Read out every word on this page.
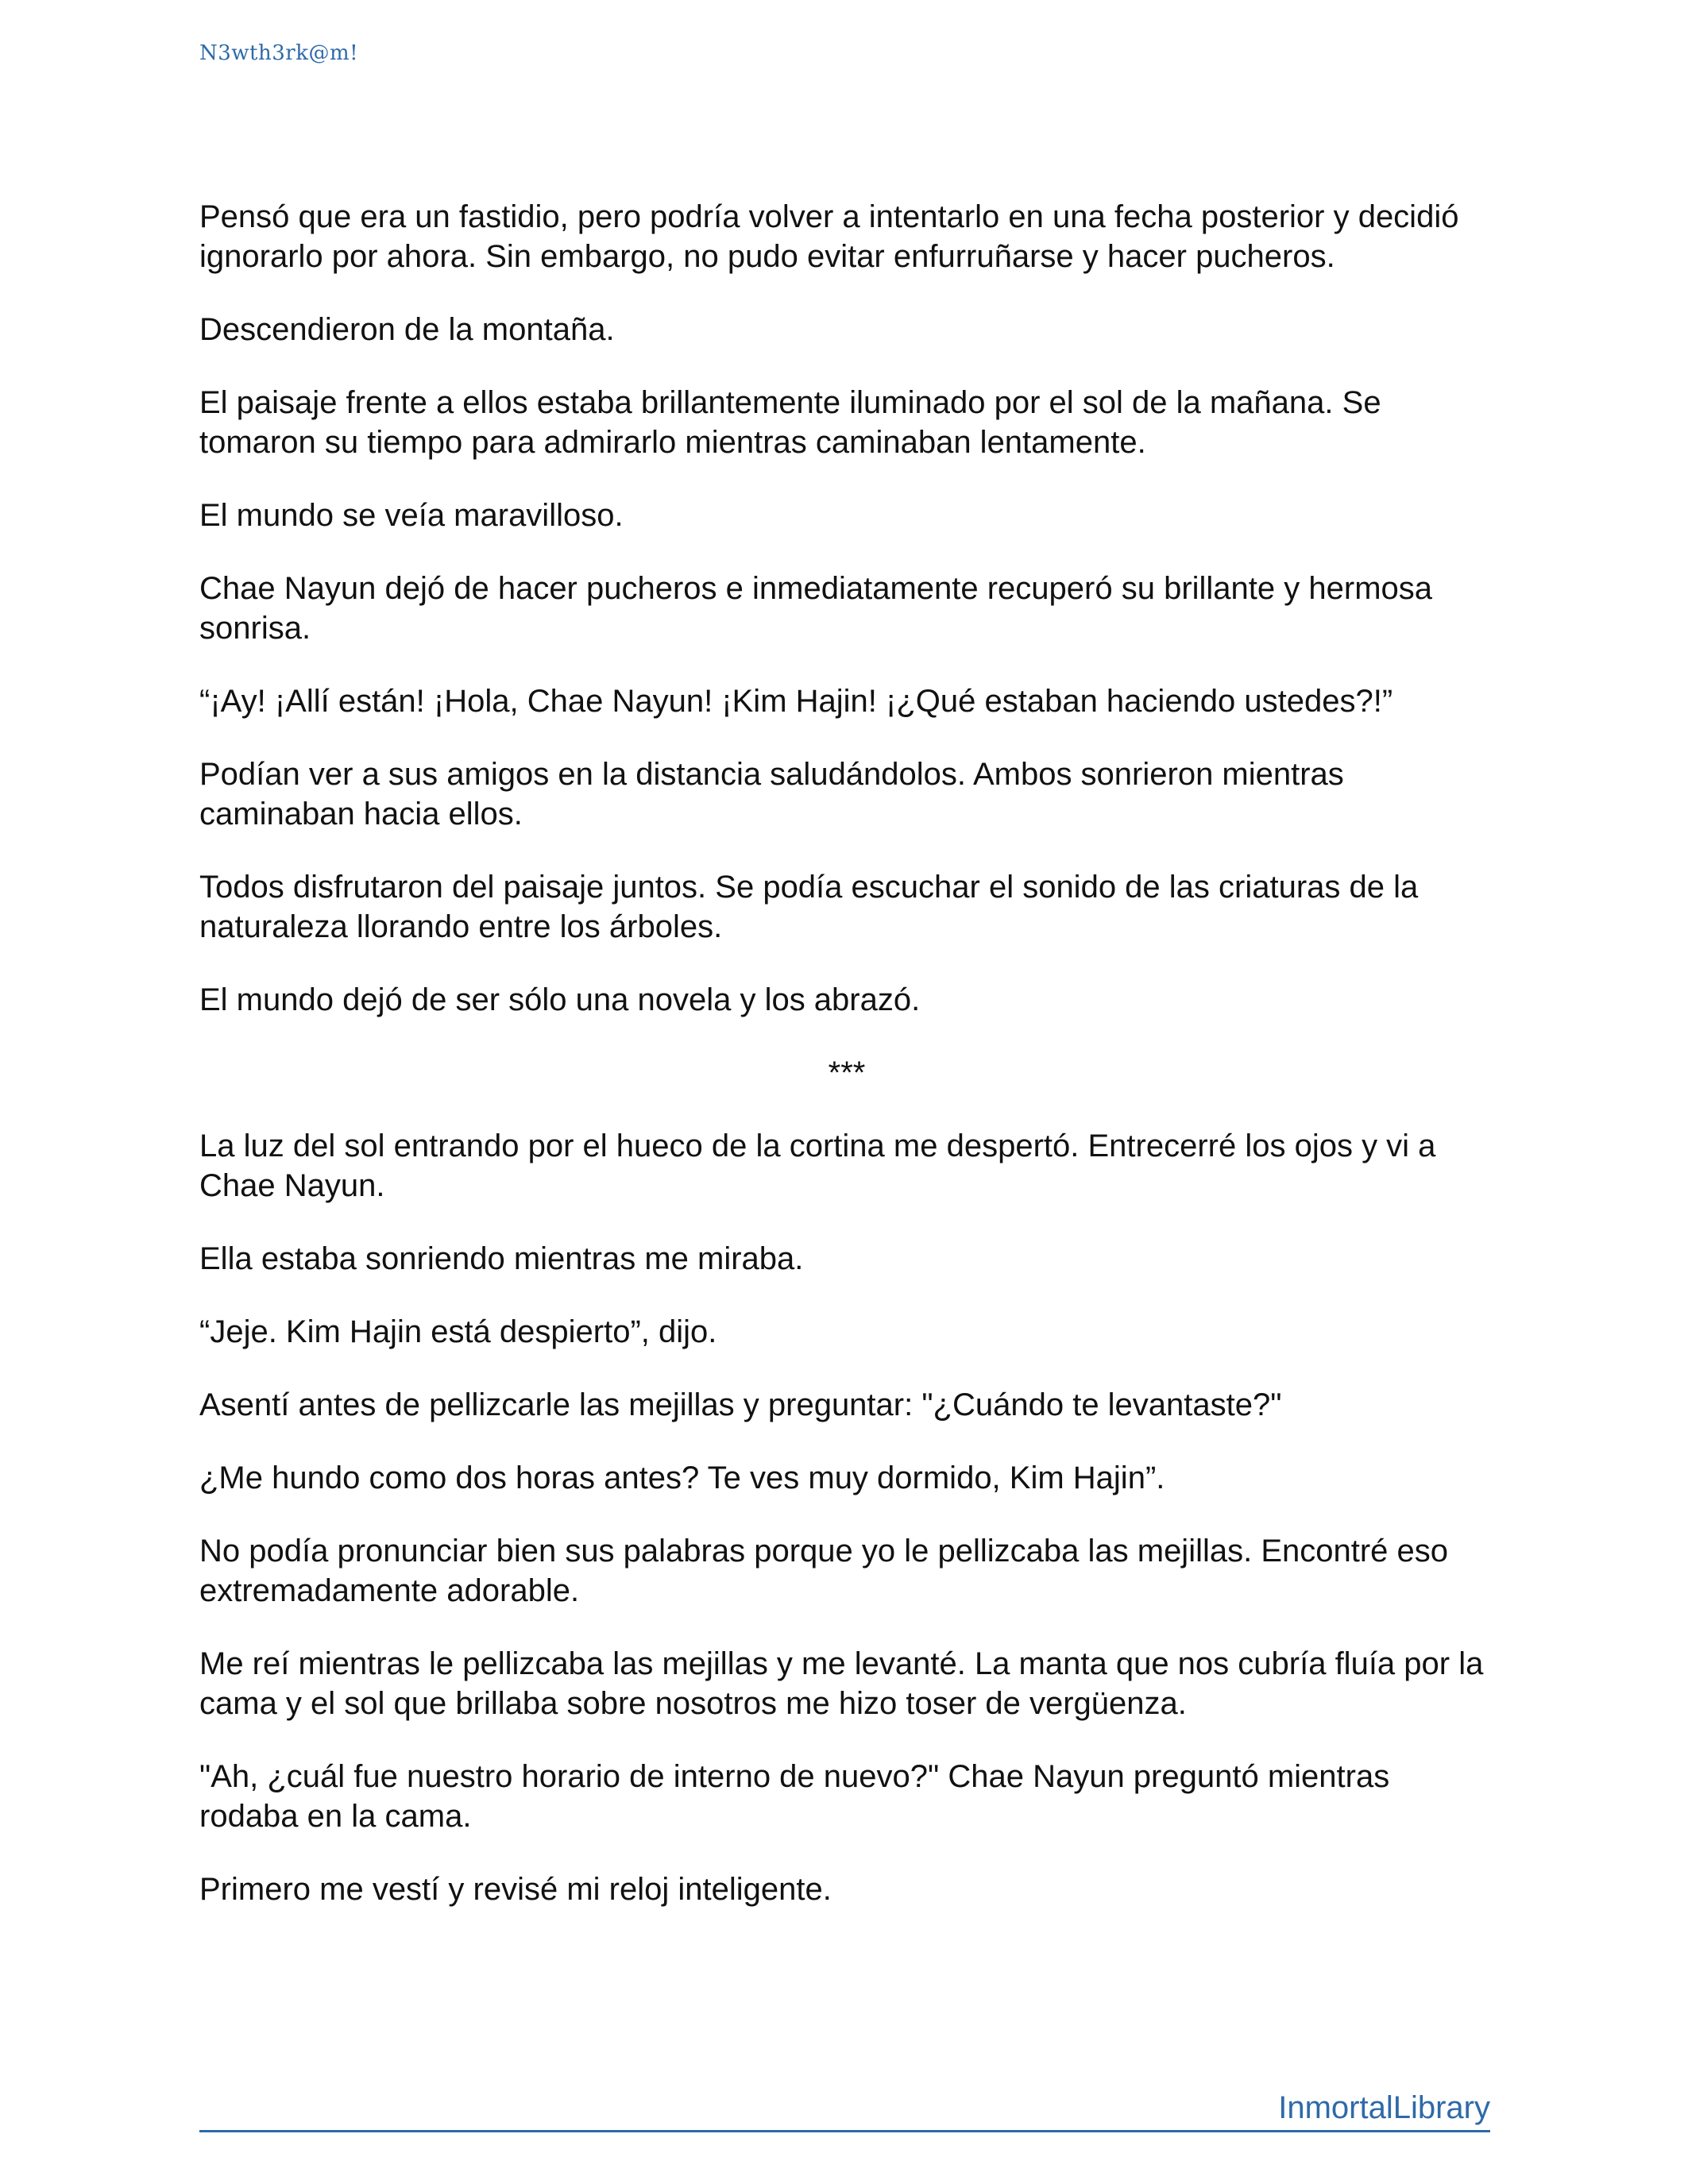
N3wth3rk@m!

Pensó que era un fastidio, pero podría volver a intentarlo en una fecha posterior y decidió ignorarlo por ahora. Sin embargo, no pudo evitar enfurruñarse y hacer pucheros.

Descendieron de la montaña.

El paisaje frente a ellos estaba brillantemente iluminado por el sol de la mañana. Se tomaron su tiempo para admirarlo mientras caminaban lentamente.

El mundo se veía maravilloso.

Chae Nayun dejó de hacer pucheros e inmediatamente recuperó su brillante y hermosa sonrisa.

“¡Ay! ¡Allí están! ¡Hola, Chae Nayun! ¡Kim Hajin! ¡¿Qué estaban haciendo ustedes?!”

Podían ver a sus amigos en la distancia saludándolos. Ambos sonrieron mientras caminaban hacia ellos.

Todos disfrutaron del paisaje juntos. Se podía escuchar el sonido de las criaturas de la naturaleza llorando entre los árboles.

El mundo dejó de ser sólo una novela y los abrazó.

***

La luz del sol entrando por el hueco de la cortina me despertó. Entrecerré los ojos y vi a Chae Nayun.

Ella estaba sonriendo mientras me miraba.

“Jeje. Kim Hajin está despierto”, dijo.

Asentí antes de pellizcarle las mejillas y preguntar: "¿Cuándo te levantaste?"

¿Me hundo como dos horas antes? Te ves muy dormido, Kim Hajin”.

No podía pronunciar bien sus palabras porque yo le pellizcaba las mejillas. Encontré eso extremadamente adorable.

Me reí mientras le pellizcaba las mejillas y me levanté. La manta que nos cubría fluía por la cama y el sol que brillaba sobre nosotros me hizo toser de vergüenza.

"Ah, ¿cuál fue nuestro horario de interno de nuevo?" Chae Nayun preguntó mientras rodaba en la cama.

Primero me vestí y revisé mi reloj inteligente.

InmortalLibrary
